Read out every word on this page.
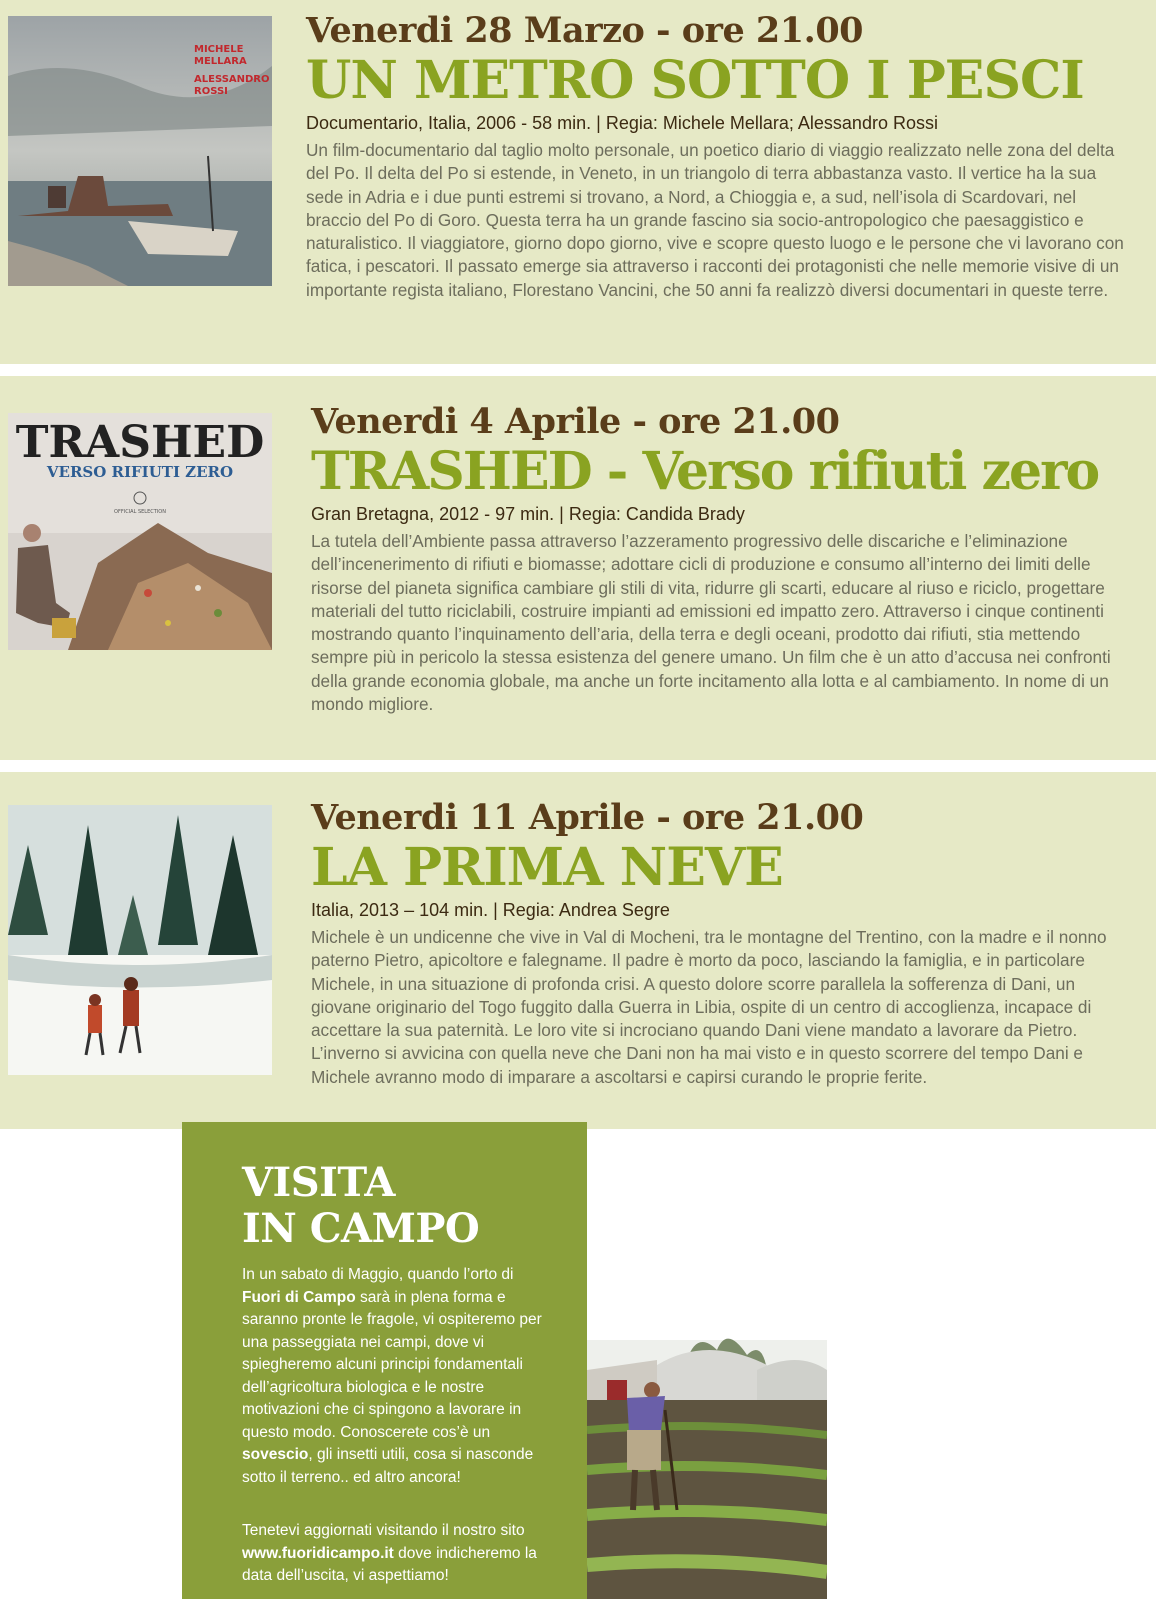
MICHELE
MELLARA
ALESSANDRO
ROSSI
Venerdi 28 Marzo - ore 21.00
UN METRO SOTTO I PESCI
Documentario, Italia, 2006 - 58 min. | Regia: Michele Mellara; Alessandro Rossi

Un film-documentario dal taglio molto personale, un poetico diario di viaggio realizzato nelle zona del delta del Po. Il delta del Po si estende, in Veneto, in un triangolo di terra abbastanza vasto. Il vertice ha la sua sede in Adria e i due punti estremi si trovano, a Nord, a Chioggia e, a sud, nell’isola di Scardovari, nel braccio del Po di Goro. Questa terra ha un grande fascino sia socio-antropologico che paesaggistico e naturalistico. Il viaggiatore, giorno dopo giorno, vive e scopre questo luogo e le persone che vi lavorano con fatica, i pescatori. Il passato emerge sia attraverso i racconti dei protagonisti che nelle memorie visive di un importante regista italiano, Florestano Vancini, che 50 anni fa realizzò diversi documentari in queste terre.

TRASHED
VERSO RIFIUTI ZERO
OFFICIAL SELECTION
Venerdi 4 Aprile - ore 21.00
TRASHED - Verso rifiuti zero
Gran Bretagna, 2012 - 97 min. | Regia: Candida Brady

La tutela dell’Ambiente passa attraverso l’azzeramento progressivo delle discariche e l’eliminazione dell’incenerimento di rifiuti e biomasse; adottare cicli di produzione e consumo all’interno dei limiti delle risorse del pianeta significa cambiare gli stili di vita, ridurre gli scarti, educare al riuso e riciclo, progettare materiali del tutto riciclabili, costruire impianti ad emissioni ed impatto zero. Attraverso i cinque continenti mostrando quanto l’inquinamento dell’aria, della terra e degli oceani, prodotto dai rifiuti, stia mettendo sempre più in pericolo la stessa esistenza del genere umano. Un film che è un atto d’accusa nei confronti della grande economia globale, ma anche un forte incitamento alla lotta e al cambiamento. In nome di un mondo migliore.

Venerdi 11 Aprile - ore 21.00
LA PRIMA NEVE
Italia, 2013 – 104 min. | Regia: Andrea Segre

Michele è un undicenne che vive in Val di Mocheni, tra le montagne del Trentino, con la madre e il nonno paterno Pietro, apicoltore e falegname. Il padre è morto da poco, lasciando la famiglia, e in particolare Michele, in una situazione di profonda crisi. A questo dolore scorre parallela la sofferenza di Dani, un giovane originario del Togo fuggito dalla Guerra in Libia, ospite di un centro di accoglienza, incapace di accettare la sua paternità. Le loro vite si incrociano quando Dani viene mandato a lavorare da Pietro. L’inverno si avvicina con quella neve che Dani non ha mai visto e in questo scorrere del tempo Dani e Michele avranno modo di imparare a ascoltarsi e capirsi curando le proprie ferite.

VISITA
IN CAMPO

In un sabato di Maggio, quando l’orto di Fuori di Campo sarà in plena forma e saranno pronte le fragole, vi ospiteremo per una passeggiata nei campi, dove vi spiegheremo alcuni principi fondamentali dell’agricoltura biologica e le nostre motivazioni che ci spingono a lavorare in questo modo. Conoscerete cos’è un sovescio, gli insetti utili, cosa si nasconde sotto il terreno.. ed altro ancora!

Tenetevi aggiornati visitando il nostro sito www.fuoridicampo.it dove indicheremo la data dell’uscita, vi aspettiamo!
